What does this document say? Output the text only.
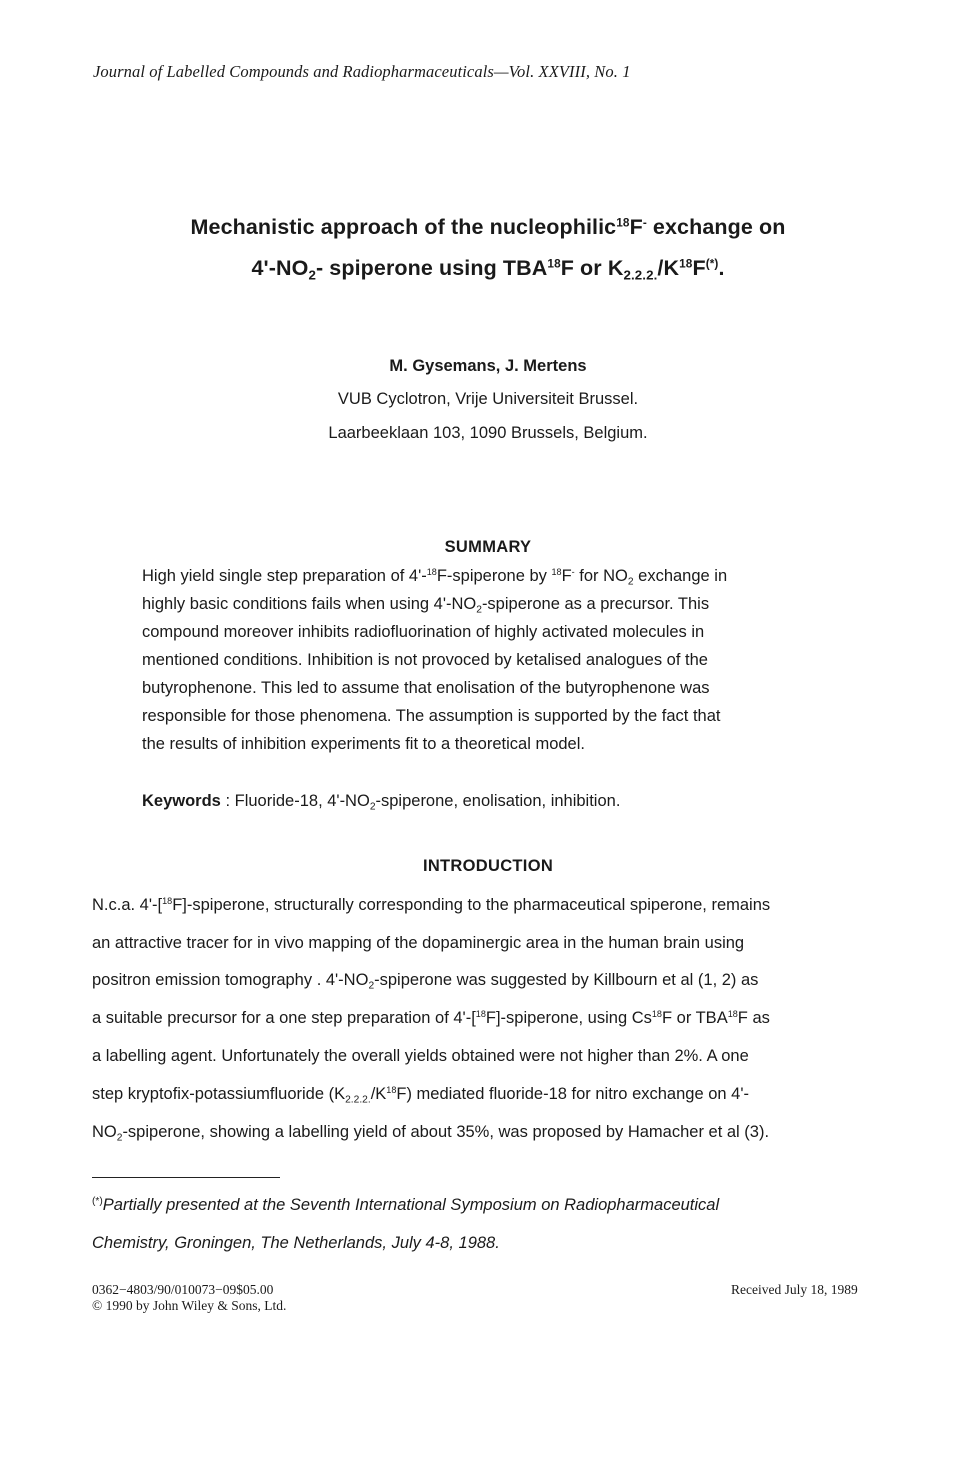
Journal of Labelled Compounds and Radiopharmaceuticals—Vol. XXVIII, No. 1
Mechanistic approach of the nucleophilic$^{18}$F- exchange on
$4'-NO_2-$ spiperone using TBA$^{18}$F or $K_{2.2.2.}/K^{18}F^{(*)}$.
M. Gysemans, J. Mertens
VUB Cyclotron, Vrije Universiteit Brussel.
Laarbeeklaan 103, 1090 Brussels, Belgium.
SUMMARY
High yield single step preparation of 4'-$^{18}$F-spiperone by $^{18}$F- for $NO_2$ exchange in
highly basic conditions fails when using $4'-NO_2$-spiperone as a precursor. This
compound moreover inhibits radiofluorination of highly activated molecules in
mentioned conditions. Inhibition is not provoced by ketalised analogues of the
butyrophenone. This led to assume that enolisation of the butyrophenone was
responsible for those phenomena. The assumption is supported by the fact that
the results of inhibition experiments fit to a theoretical model.
Keywords : Fluoride-18, $4'-NO_2$-spiperone, enolisation, inhibition.
INTRODUCTION
N.c.a. 4'-[$^{18}$F]-spiperone, structurally corresponding to the pharmaceutical spiperone, remains
an attractive tracer for in vivo mapping of the dopaminergic area in the human brain using
positron emission tomography . $4'-NO_2$-spiperone was suggested by Killbourn et al (1, 2) as
a suitable precursor for a one step preparation of 4'-[$^{18}$F]-spiperone, using Cs$^{18}$F or TBA$^{18}$F as
a labelling agent. Unfortunately the overall yields obtained were not higher than 2%. A one
step kryptofix-potassiumfluoride $(K_{2.2.2.}/K^{18}F)$ mediated fluoride-18 for nitro exchange on 4'-
$NO_2$-spiperone, showing a labelling yield of about 35%, was proposed by Hamacher et al (3).
(*)Partially presented at the Seventh International Symposium on Radiopharmaceutical
Chemistry, Groningen, The Netherlands, July 4-8, 1988.
0362−4803/90/010073−09$05.00
© 1990 by John Wiley & Sons, Ltd.
Received July 18, 1989
